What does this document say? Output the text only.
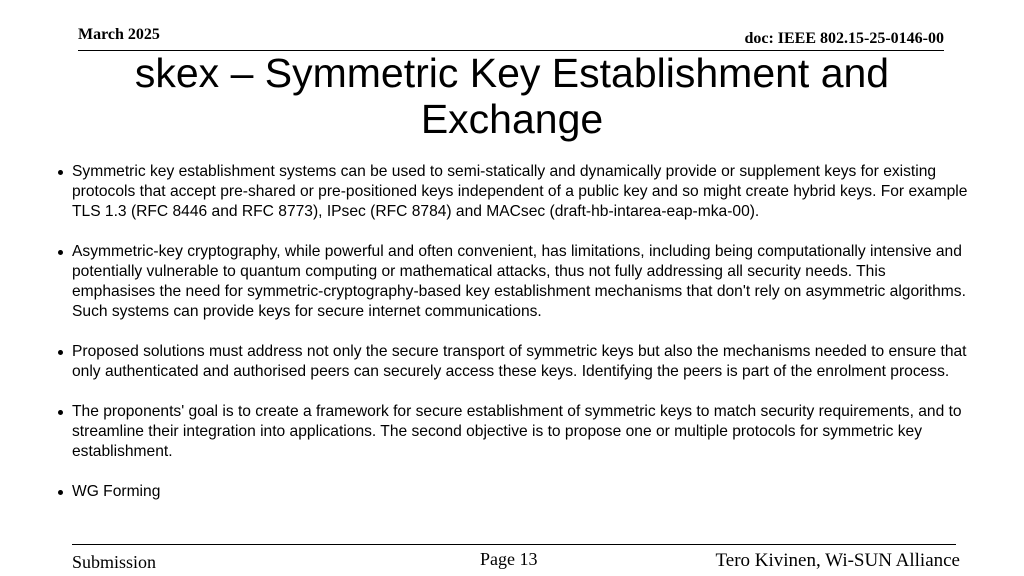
March 2025	doc: IEEE 802.15-25-0146-00
skex – Symmetric Key Establishment and Exchange
Symmetric key establishment systems can be used to semi-statically and dynamically provide or supplement keys for existing protocols that accept pre-shared or pre-positioned keys independent of a public key and so might create hybrid keys. For example TLS 1.3 (RFC 8446 and RFC 8773), IPsec (RFC 8784) and MACsec (draft-hb-intarea-eap-mka-00).
Asymmetric-key cryptography, while powerful and often convenient, has limitations, including being computationally intensive and potentially vulnerable to quantum computing or mathematical attacks, thus not fully addressing all security needs. This emphasises the need for symmetric-cryptography-based key establishment mechanisms that don't rely on asymmetric algorithms. Such systems can provide keys for secure internet communications.
Proposed solutions must address not only the secure transport of symmetric keys but also the mechanisms needed to ensure that only authenticated and authorised peers can securely access these keys. Identifying the peers is part of the enrolment process.
The proponents' goal is to create a framework for secure establishment of symmetric keys to match security requirements, and to streamline their integration into applications. The second objective is to propose one or multiple protocols for symmetric key establishment.
WG Forming
Submission	Page 13	Tero Kivinen, Wi-SUN Alliance
